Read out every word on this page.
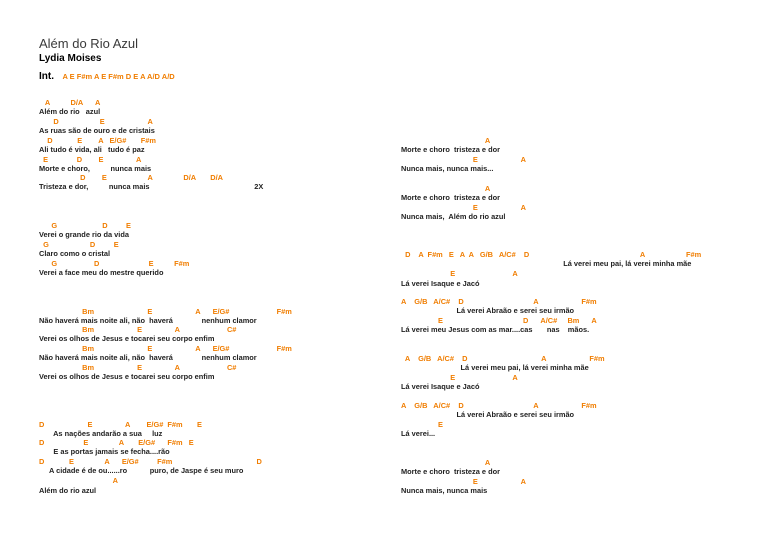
Além do Rio Azul
Lydia Moises
Int. A E F#m A E F#m D E A A/D A/D
A          D/A      A
Além do rio   azul
D                    E                     A
As ruas são de ouro e de cristais
D            E        A   E/G#       F#m
Ali tudo é vida, ali   tudo é paz
E              D        E                A
Morte e choro,          nunca mais
D        E                    A               D/A       D/A
Tristeza e dor,          nunca mais                                                   2X
G                      D         E
Verei o grande rio da vida
G                    D         E
Claro como o cristal
G                  D                        E          F#m
Verei a face meu do mestre querido
Bm                          E                     A      E/G#                       F#m
Não haverá mais noite ali, não  haverá              nenhum clamor
Bm                     E                A                       C#
Verei os olhos de Jesus e tocarei seu corpo enfim
Bm                          E                     A      E/G#                       F#m
Não haverá mais noite ali, não  haverá              nenhum clamor
Bm                     E                A                       C#
Verei os olhos de Jesus e tocarei seu corpo enfim
D                     E                A        E/G#  F#m       E
As nações andarão a sua     luz
D                   E               A       E/G#      F#m   E
E as portas jamais se fecha....rão
D            E               A      E/G#         F#m                                         D
A cidade é de ou......ro           puro, de Jaspe é seu muro
A
Além do rio azul
A
Morte e choro  tristeza e dor
E                     A
Nunca mais, nunca mais...
A
Morte e choro  tristeza e dor
E                     A
Nunca mais,  Além do rio azul
D    A  F#m   E   A  A   G/B   A/C#    D                                                      A                    F#m
Lá verei meu pai, lá verei minha mãe
E                            A
Lá verei Isaque e Jacó
A    G/B   A/C#    D                                  A                     F#m
Lá verei Abraão e serei seu irmão
E                                       D      A/C#     Bm      A
Lá verei meu Jesus com as mar....cas       nas    mãos.
A    G/B   A/C#    D                                    A                     F#m
Lá verei meu pai, lá verei minha mãe
E                            A
Lá verei Isaque e Jacó
A    G/B   A/C#    D                                  A                     F#m
Lá verei Abraão e serei seu irmão
E
Lá verei...
A
Morte e choro  tristeza e dor
E                     A
Nunca mais, nunca mais
